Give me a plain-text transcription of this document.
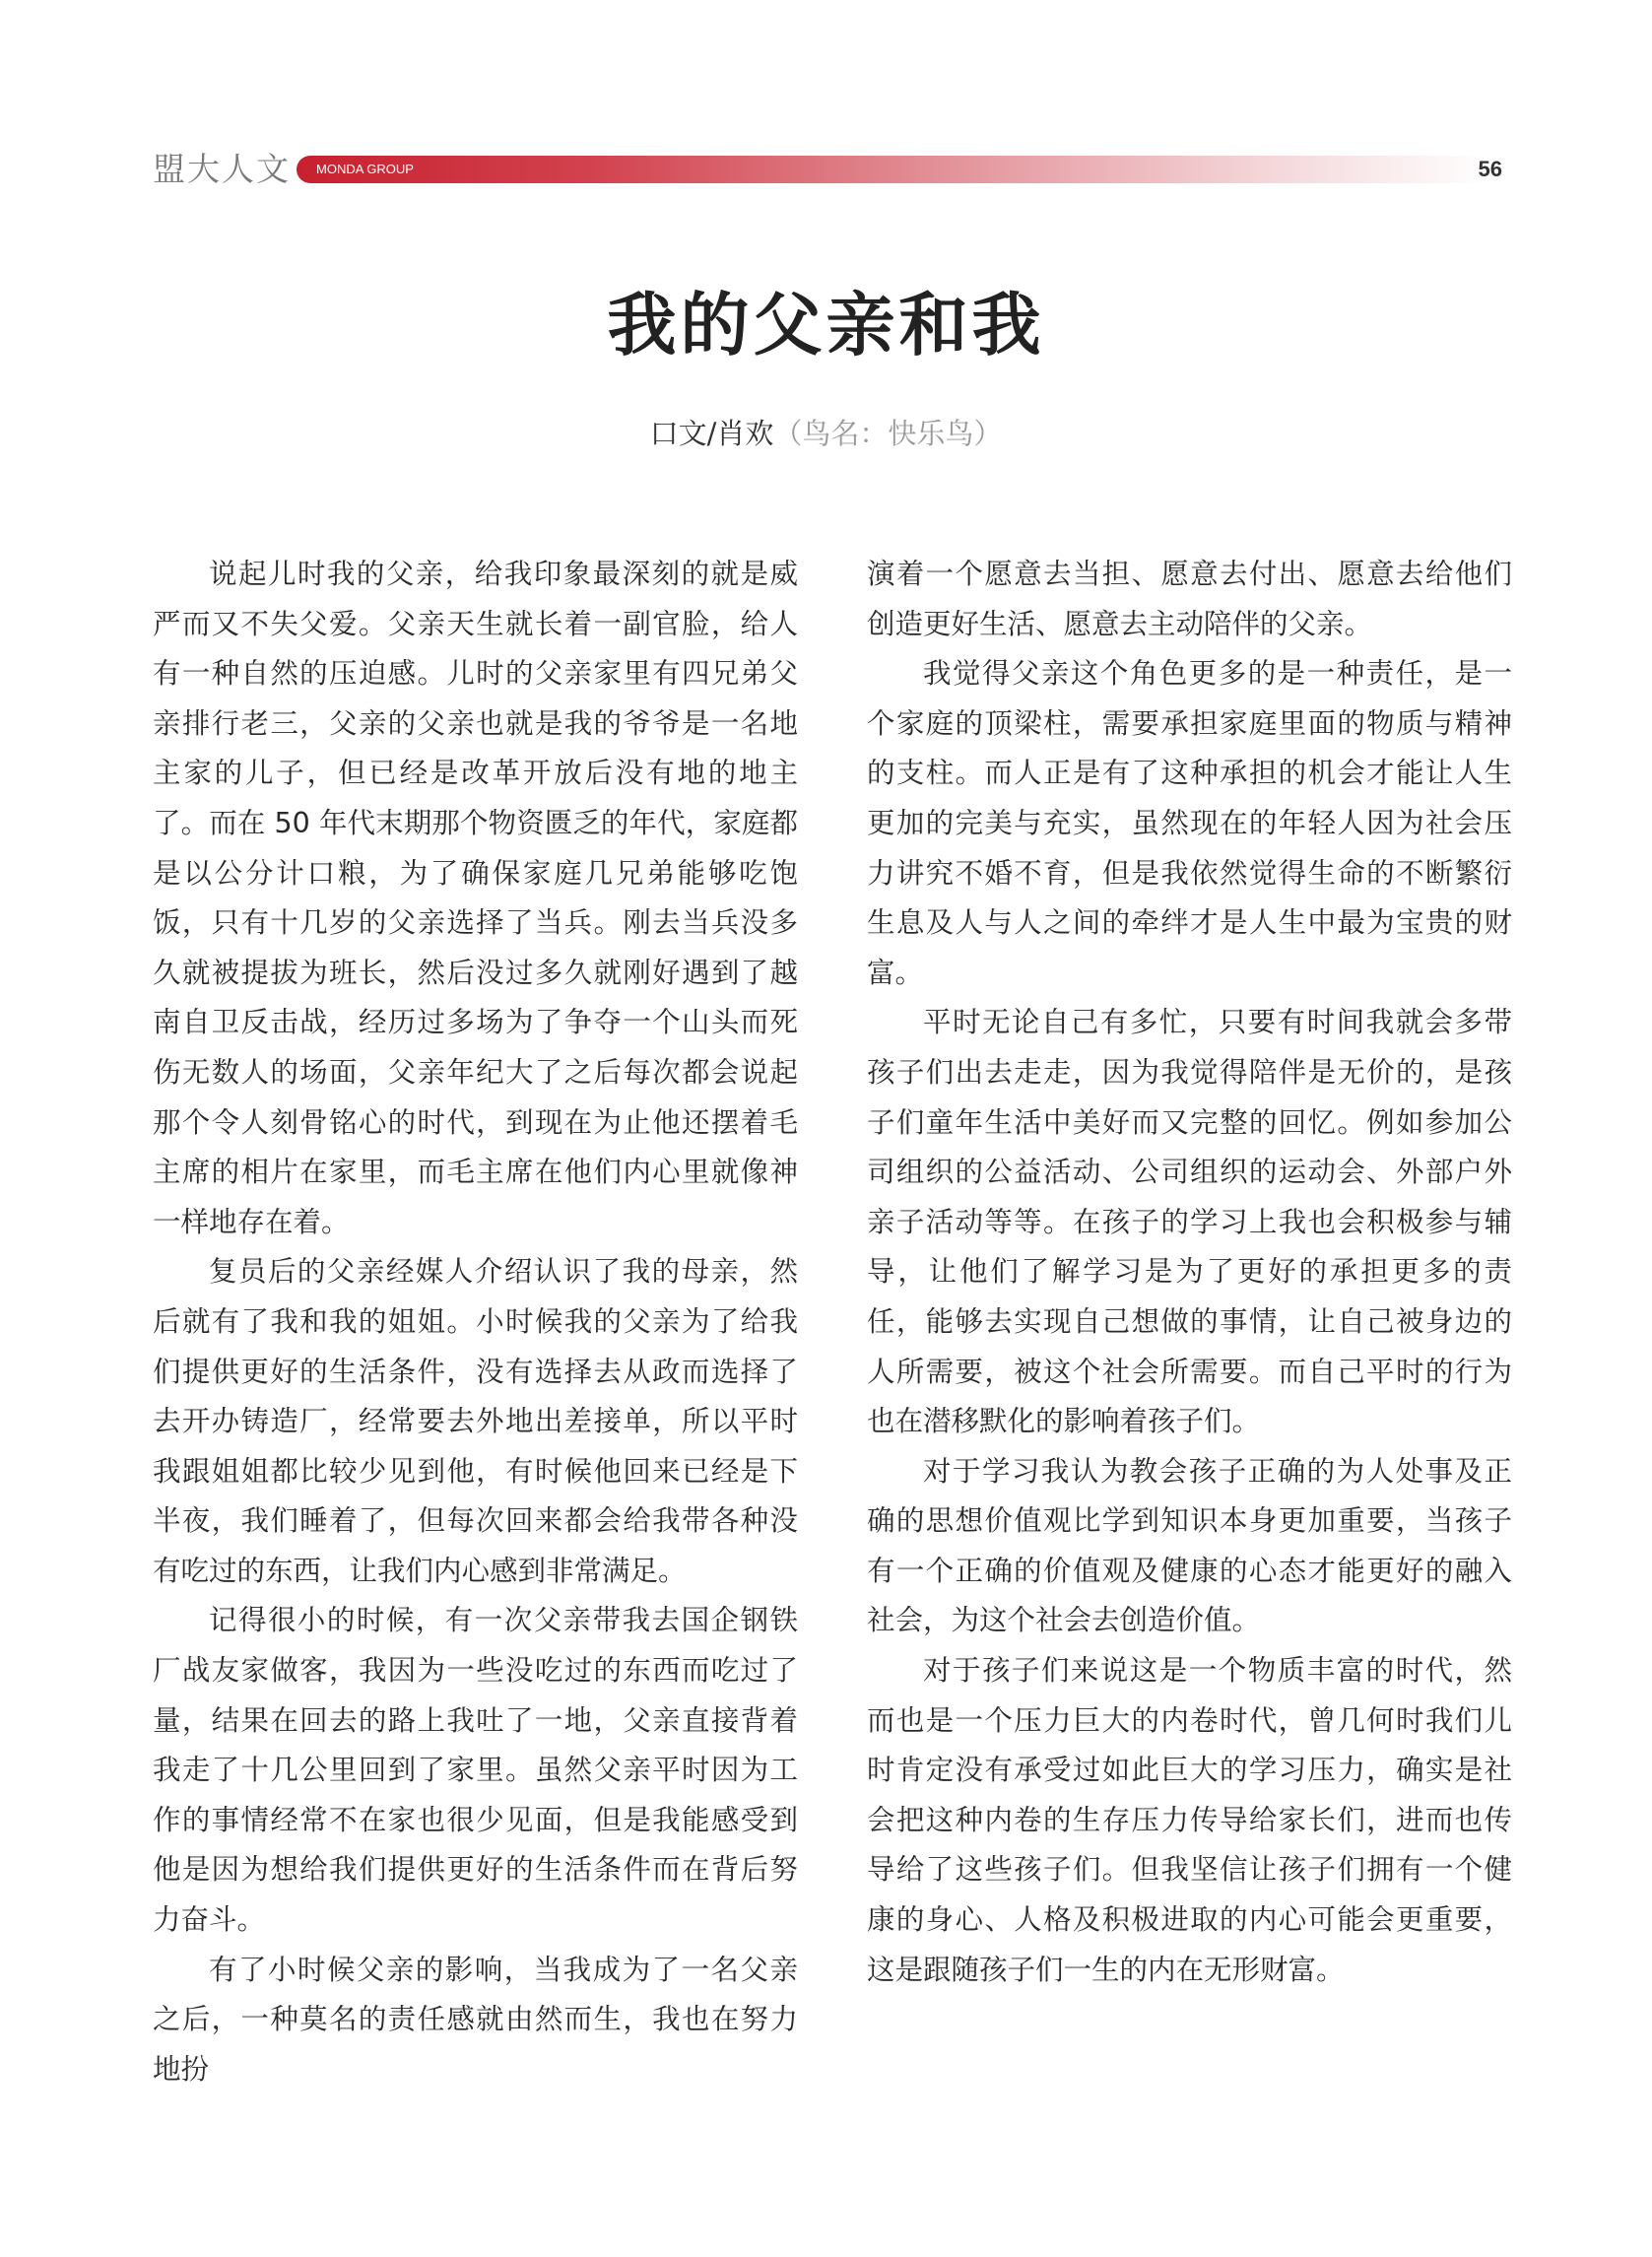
盟大人文 MONDA GROUP	56
我的父亲和我
口文/肖欢（鸟名：快乐鸟）

说起儿时我的父亲，给我印象最深刻的就是威严而又不失父爱。父亲天生就长着一副官脸，给人有一种自然的压迫感。儿时的父亲家里有四兄弟父亲排行老三，父亲的父亲也就是我的爷爷是一名地主家的儿子，但已经是改革开放后没有地的地主了。而在 50 年代末期那个物资匮乏的年代，家庭都是以公分计口粮，为了确保家庭几兄弟能够吃饱饭，只有十几岁的父亲选择了当兵。刚去当兵没多久就被提拔为班长，然后没过多久就刚好遇到了越南自卫反击战，经历过多场为了争夺一个山头而死伤无数人的场面，父亲年纪大了之后每次都会说起那个令人刻骨铭心的时代，到现在为止他还摆着毛主席的相片在家里，而毛主席在他们内心里就像神一样地存在着。

复员后的父亲经媒人介绍认识了我的母亲，然后就有了我和我的姐姐。小时候我的父亲为了给我们提供更好的生活条件，没有选择去从政而选择了去开办铸造厂，经常要去外地出差接单，所以平时我跟姐姐都比较少见到他，有时候他回来已经是下半夜，我们睡着了，但每次回来都会给我带各种没有吃过的东西，让我们内心感到非常满足。

记得很小的时候，有一次父亲带我去国企钢铁厂战友家做客，我因为一些没吃过的东西而吃过了量，结果在回去的路上我吐了一地，父亲直接背着我走了十几公里回到了家里。虽然父亲平时因为工作的事情经常不在家也很少见面，但是我能感受到他是因为想给我们提供更好的生活条件而在背后努力奋斗。

有了小时候父亲的影响，当我成为了一名父亲之后，一种莫名的责任感就由然而生，我也在努力地扮

演着一个愿意去当担、愿意去付出、愿意去给他们创造更好生活、愿意去主动陪伴的父亲。

我觉得父亲这个角色更多的是一种责任，是一个家庭的顶梁柱，需要承担家庭里面的物质与精神的支柱。而人正是有了这种承担的机会才能让人生更加的完美与充实，虽然现在的年轻人因为社会压力讲究不婚不育，但是我依然觉得生命的不断繁衍生息及人与人之间的牵绊才是人生中最为宝贵的财富。

平时无论自己有多忙，只要有时间我就会多带孩子们出去走走，因为我觉得陪伴是无价的，是孩子们童年生活中美好而又完整的回忆。例如参加公司组织的公益活动、公司组织的运动会、外部户外亲子活动等等。在孩子的学习上我也会积极参与辅导，让他们了解学习是为了更好的承担更多的责任，能够去实现自己想做的事情，让自己被身边的人所需要，被这个社会所需要。而自己平时的行为也在潜移默化的影响着孩子们。

对于学习我认为教会孩子正确的为人处事及正确的思想价值观比学到知识本身更加重要，当孩子有一个正确的价值观及健康的心态才能更好的融入社会，为这个社会去创造价值。

对于孩子们来说这是一个物质丰富的时代，然而也是一个压力巨大的内卷时代，曾几何时我们儿时肯定没有承受过如此巨大的学习压力，确实是社会把这种内卷的生存压力传导给家长们，进而也传导给了这些孩子们。但我坚信让孩子们拥有一个健康的身心、人格及积极进取的内心可能会更重要，这是跟随孩子们一生的内在无形财富。
